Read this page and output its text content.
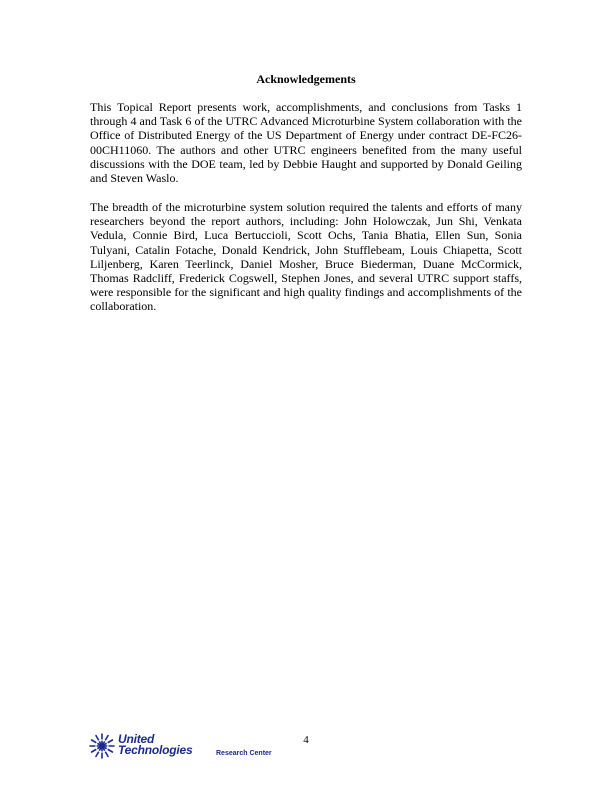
Acknowledgements

This Topical Report presents work, accomplishments, and conclusions from Tasks 1 through 4 and Task 6 of the UTRC Advanced Microturbine System collaboration with the Office of Distributed Energy of the US Department of Energy under contract DE-FC26-00CH11060. The authors and other UTRC engineers benefited from the many useful discussions with the DOE team, led by Debbie Haught and supported by Donald Geiling and Steven Waslo.

The breadth of the microturbine system solution required the talents and efforts of many researchers beyond the report authors, including: John Holowczak, Jun Shi, Venkata Vedula, Connie Bird, Luca Bertuccioli, Scott Ochs, Tania Bhatia, Ellen Sun, Sonia Tulyani, Catalin Fotache, Donald Kendrick, John Stufflebeam, Louis Chiapetta, Scott Liljenberg, Karen Teerlinck, Daniel Mosher, Bruce Biederman, Duane McCormick, Thomas Radcliff, Frederick Cogswell, Stephen Jones, and several UTRC support staffs, were responsible for the significant and high quality findings and accomplishments of the collaboration.

United
Technologies	Research Center
4
